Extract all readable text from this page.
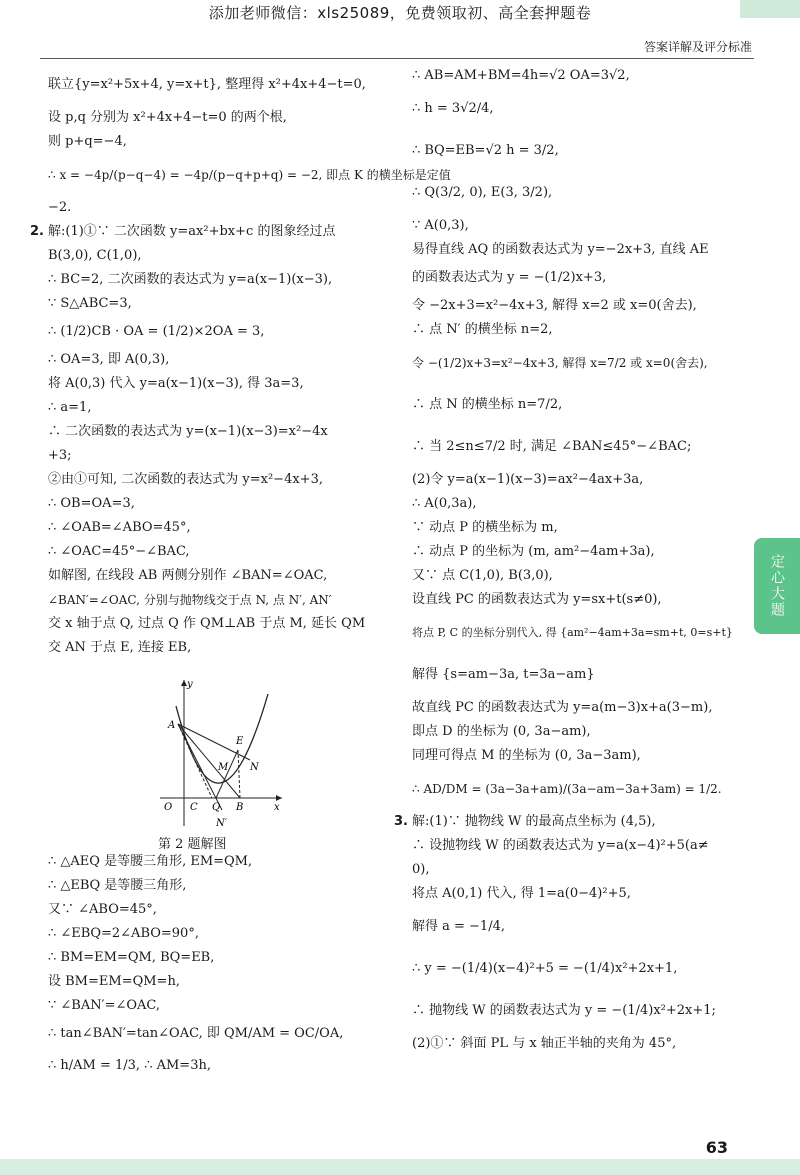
添加老师微信：xls25089，免费领取初、高全套押题卷
答案详解及评分标准
联立{y=x²+5x+4, y=x+t}, 整理得 x²+4x+4−t=0,
设 p,q 分别为 x²+4x+4−t=0 的两个根,
则 p+q=−4,
∴ x = −4p/(p−q−4) = −4p/(p−q+p+q) = −2, 即点 K 的横坐标是定值
−2.
2. 解:(1)①∵ 二次函数 y=ax²+bx+c 的图象经过点
B(3,0), C(1,0),
∴ BC=2, 二次函数的表达式为 y=a(x−1)(x−3),
∵ S△ABC=3,
∴ (1/2)CB · OA = (1/2)×2OA = 3,
∴ OA=3, 即 A(0,3),
将 A(0,3) 代入 y=a(x−1)(x−3), 得 3a=3,
∴ a=1,
∴ 二次函数的表达式为 y=(x−1)(x−3)=x²−4x
+3;
②由①可知, 二次函数的表达式为 y=x²−4x+3,
∴ OB=OA=3,
∴ ∠OAB=∠ABO=45°,
∴ ∠OAC=45°−∠BAC,
如解图, 在线段 AB 两侧分别作 ∠BAN=∠OAC,
∠BAN′=∠OAC, 分别与抛物线交于点 N, 点 N′, AN′
交 x 轴于点 Q, 过点 Q 作 QM⊥AB 于点 M, 延长 QM
交 AN 于点 E, 连接 EB,
∴ △AEQ 是等腰三角形, EM=QM,
∴ △EBQ 是等腰三角形,
又∵ ∠ABO=45°,
∴ ∠EBQ=2∠ABO=90°,
∴ BM=EM=QM, BQ=EB,
设 BM=EM=QM=h,
∵ ∠BAN′=∠OAC,
∴ tan∠BAN′=tan∠OAC, 即 QM/AM = OC/OA,
∴ h/AM = 1/3, ∴ AM=3h,
y
x
A
E
M N
O C Q B
N′
第 2 题解图
∴ AB=AM+BM=4h=√2 OA=3√2,
∴ h = 3√2/4,
∴ BQ=EB=√2 h = 3/2,
∴ Q(3/2, 0), E(3, 3/2),
∵ A(0,3),
易得直线 AQ 的函数表达式为 y=−2x+3, 直线 AE
的函数表达式为 y = −(1/2)x+3,
令 −2x+3=x²−4x+3, 解得 x=2 或 x=0(舍去),
∴ 点 N′ 的横坐标 n=2,
令 −(1/2)x+3=x²−4x+3, 解得 x=7/2 或 x=0(舍去),
∴ 点 N 的横坐标 n=7/2,
∴ 当 2≤n≤7/2 时, 满足 ∠BAN≤45°−∠BAC;
(2)令 y=a(x−1)(x−3)=ax²−4ax+3a,
∴ A(0,3a),
∵ 动点 P 的横坐标为 m,
∴ 动点 P 的坐标为 (m, am²−4am+3a),
又∵ 点 C(1,0), B(3,0),
设直线 PC 的函数表达式为 y=sx+t(s≠0),
将点 P, C 的坐标分别代入, 得 {am²−4am+3a=sm+t, 0=s+t}
解得 {s=am−3a, t=3a−am}
故直线 PC 的函数表达式为 y=a(m−3)x+a(3−m),
即点 D 的坐标为 (0, 3a−am),
同理可得点 M 的坐标为 (0, 3a−3am),
∴ AD/DM = (3a−3a+am)/(3a−am−3a+3am) = 1/2.
3. 解:(1)∵ 抛物线 W 的最高点坐标为 (4,5),
∴ 设抛物线 W 的函数表达式为 y=a(x−4)²+5(a≠
0),
将点 A(0,1) 代入, 得 1=a(0−4)²+5,
解得 a = −1/4,
∴ y = −(1/4)(x−4)²+5 = −(1/4)x²+2x+1,
∴ 抛物线 W 的函数表达式为 y = −(1/4)x²+2x+1;
(2)①∵ 斜面 PL 与 x 轴正半轴的夹角为 45°,
定心大题
63
